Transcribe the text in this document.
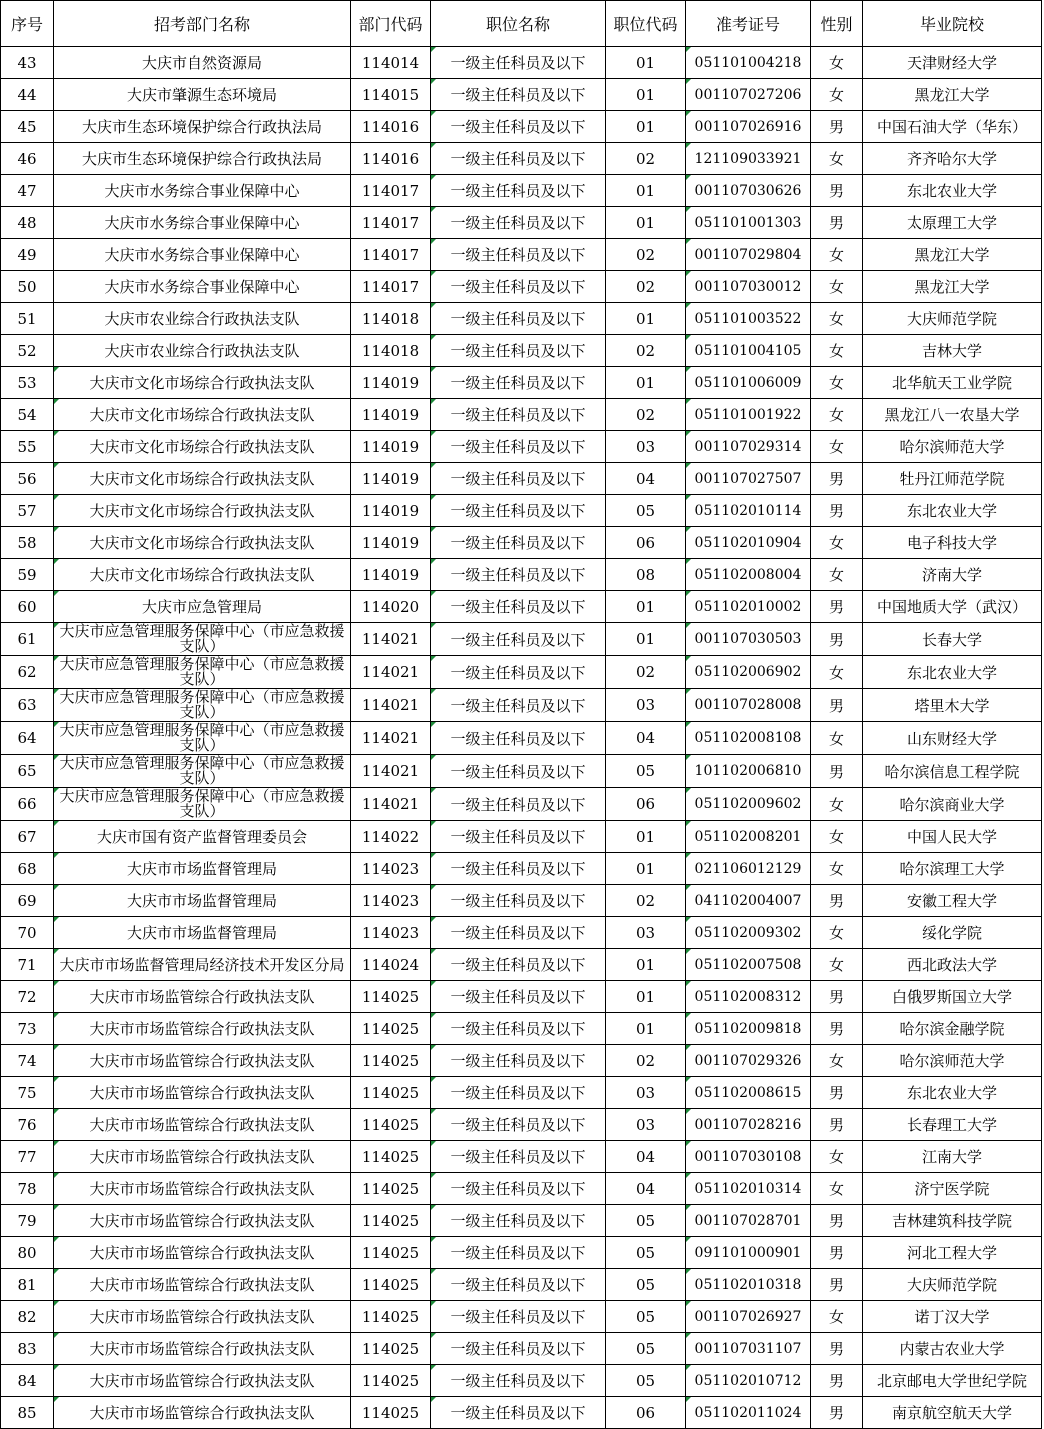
序号	招考部门名称	部门代码	职位名称	职位代码	准考证号	性别	毕业院校
43	大庆市自然资源局	114014	一级主任科员及以下	01	051101004218	女	天津财经大学
44	大庆市肇源生态环境局	114015	一级主任科员及以下	01	001107027206	女	黑龙江大学
45	大庆市生态环境保护综合行政执法局	114016	一级主任科员及以下	01	001107026916	男	中国石油大学（华东）
46	大庆市生态环境保护综合行政执法局	114016	一级主任科员及以下	02	121109033921	女	齐齐哈尔大学
47	大庆市水务综合事业保障中心	114017	一级主任科员及以下	01	001107030626	男	东北农业大学
48	大庆市水务综合事业保障中心	114017	一级主任科员及以下	01	051101001303	男	太原理工大学
49	大庆市水务综合事业保障中心	114017	一级主任科员及以下	02	001107029804	女	黑龙江大学
50	大庆市水务综合事业保障中心	114017	一级主任科员及以下	02	001107030012	女	黑龙江大学
51	大庆市农业综合行政执法支队	114018	一级主任科员及以下	01	051101003522	女	大庆师范学院
52	大庆市农业综合行政执法支队	114018	一级主任科员及以下	02	051101004105	女	吉林大学
53	大庆市文化市场综合行政执法支队	114019	一级主任科员及以下	01	051101006009	女	北华航天工业学院
54	大庆市文化市场综合行政执法支队	114019	一级主任科员及以下	02	051101001922	女	黑龙江八一农垦大学
55	大庆市文化市场综合行政执法支队	114019	一级主任科员及以下	03	001107029314	女	哈尔滨师范大学
56	大庆市文化市场综合行政执法支队	114019	一级主任科员及以下	04	001107027507	男	牡丹江师范学院
57	大庆市文化市场综合行政执法支队	114019	一级主任科员及以下	05	051102010114	男	东北农业大学
58	大庆市文化市场综合行政执法支队	114019	一级主任科员及以下	06	051102010904	女	电子科技大学
59	大庆市文化市场综合行政执法支队	114019	一级主任科员及以下	08	051102008004	女	济南大学
60	大庆市应急管理局	114020	一级主任科员及以下	01	051102010002	男	中国地质大学（武汉）
61	大庆市应急管理服务保障中心（市应急救援支队）	114021	一级主任科员及以下	01	001107030503	男	长春大学
62	大庆市应急管理服务保障中心（市应急救援支队）	114021	一级主任科员及以下	02	051102006902	女	东北农业大学
63	大庆市应急管理服务保障中心（市应急救援支队）	114021	一级主任科员及以下	03	001107028008	男	塔里木大学
64	大庆市应急管理服务保障中心（市应急救援支队）	114021	一级主任科员及以下	04	051102008108	女	山东财经大学
65	大庆市应急管理服务保障中心（市应急救援支队）	114021	一级主任科员及以下	05	101102006810	男	哈尔滨信息工程学院
66	大庆市应急管理服务保障中心（市应急救援支队）	114021	一级主任科员及以下	06	051102009602	女	哈尔滨商业大学
67	大庆市国有资产监督管理委员会	114022	一级主任科员及以下	01	051102008201	女	中国人民大学
68	大庆市市场监督管理局	114023	一级主任科员及以下	01	021106012129	女	哈尔滨理工大学
69	大庆市市场监督管理局	114023	一级主任科员及以下	02	041102004007	男	安徽工程大学
70	大庆市市场监督管理局	114023	一级主任科员及以下	03	051102009302	女	绥化学院
71	大庆市市场监督管理局经济技术开发区分局	114024	一级主任科员及以下	01	051102007508	女	西北政法大学
72	大庆市市场监管综合行政执法支队	114025	一级主任科员及以下	01	051102008312	男	白俄罗斯国立大学
73	大庆市市场监管综合行政执法支队	114025	一级主任科员及以下	01	051102009818	男	哈尔滨金融学院
74	大庆市市场监管综合行政执法支队	114025	一级主任科员及以下	02	001107029326	女	哈尔滨师范大学
75	大庆市市场监管综合行政执法支队	114025	一级主任科员及以下	03	051102008615	男	东北农业大学
76	大庆市市场监管综合行政执法支队	114025	一级主任科员及以下	03	001107028216	男	长春理工大学
77	大庆市市场监管综合行政执法支队	114025	一级主任科员及以下	04	001107030108	女	江南大学
78	大庆市市场监管综合行政执法支队	114025	一级主任科员及以下	04	051102010314	女	济宁医学院
79	大庆市市场监管综合行政执法支队	114025	一级主任科员及以下	05	001107028701	男	吉林建筑科技学院
80	大庆市市场监管综合行政执法支队	114025	一级主任科员及以下	05	091101000901	男	河北工程大学
81	大庆市市场监管综合行政执法支队	114025	一级主任科员及以下	05	051102010318	男	大庆师范学院
82	大庆市市场监管综合行政执法支队	114025	一级主任科员及以下	05	001107026927	女	诺丁汉大学
83	大庆市市场监管综合行政执法支队	114025	一级主任科员及以下	05	001107031107	男	内蒙古农业大学
84	大庆市市场监管综合行政执法支队	114025	一级主任科员及以下	05	051102010712	男	北京邮电大学世纪学院
85	大庆市市场监管综合行政执法支队	114025	一级主任科员及以下	06	051102011024	男	南京航空航天大学
